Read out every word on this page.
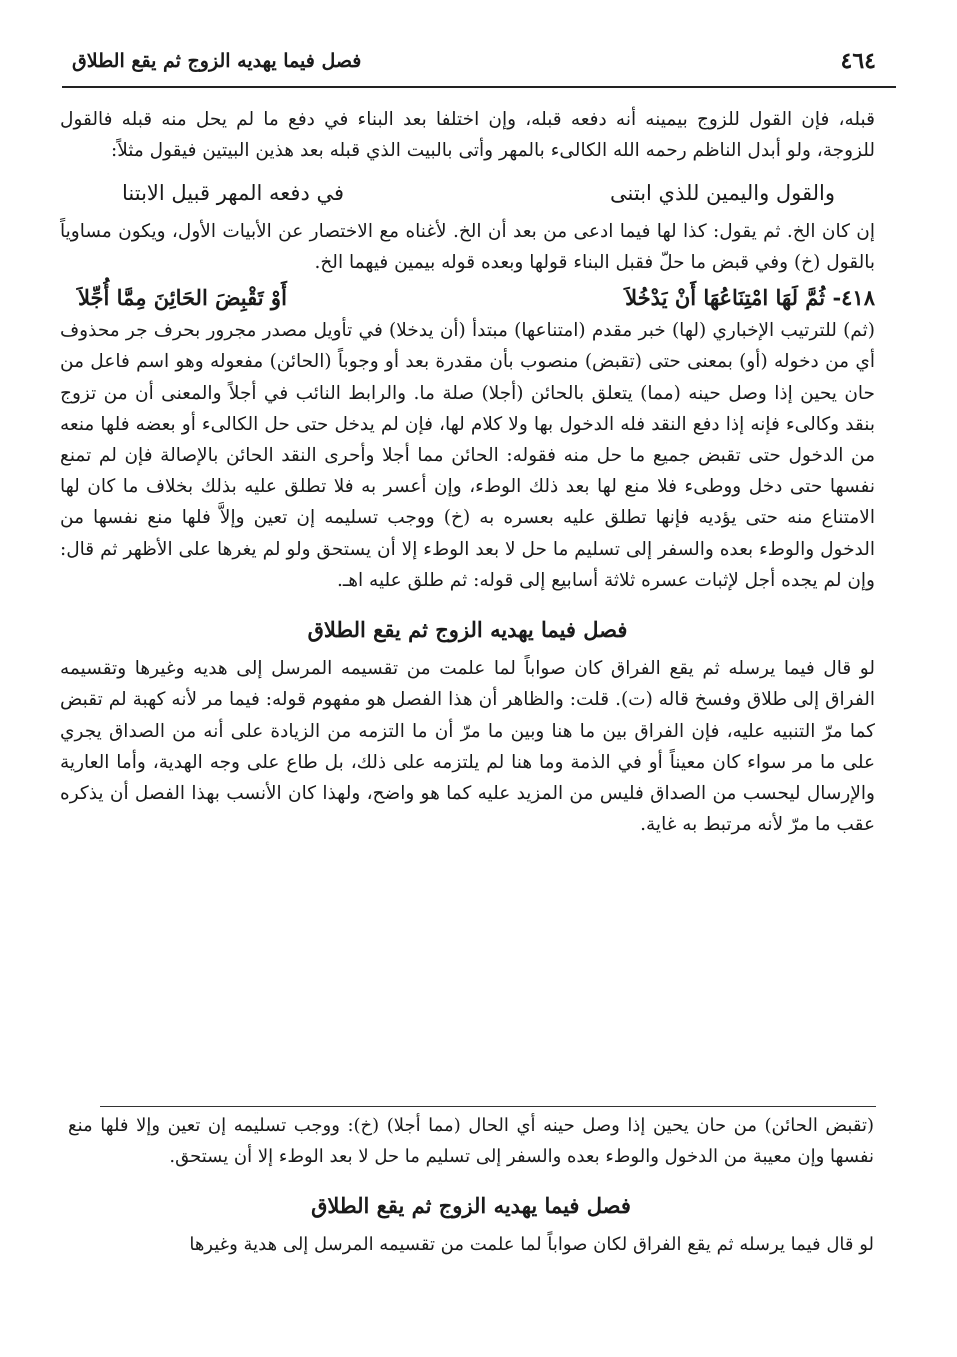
٤٦٤
فصل فيما يهديه الزوج ثم يقع الطلاق

قبله، فإن القول للزوج بيمينه أنه دفعه قبله، وإن اختلفا بعد البناء في دفع ما لم يحل منه قبله فالقول للزوجة، ولو أبدل الناظم رحمه الله الكالىء بالمهر وأتى بالبيت الذي قبله بعد هذين البيتين فيقول مثلاً:

والقول واليمين للذي ابتنى
في دفعه المهر قبيل الابتنا

إن كان الخ. ثم يقول: كذا لها فيما ادعى من بعد أن الخ. لأغناه مع الاختصار عن الأبيات الأول، ويكون مساوياً بالقول (خ) وفي قبض ما حلّ فقبل البناء قولها وبعده قوله بيمين فيهما الخ.

٤١٨- ثُمَّ لَهَا امْتِنَاعُهَا أَنْ يَدْخُلاَ
أَوْ تَقْبِضَ الحَائِنَ مِمَّا أُجِّلاَ

(ثم) للترتيب الإخباري (لها) خبر مقدم (امتناعها) مبتدأ (أن يدخلا) في تأويل مصدر مجرور بحرف جر محذوف أي من دخوله (أو) بمعنى حتى (تقبض) منصوب بأن مقدرة بعد أو وجوباً (الحائن) مفعوله وهو اسم فاعل من حان يحين إذا وصل حينه (مما) يتعلق بالحائن (أجلا) صلة ما. والرابط النائب في أجلاً والمعنى أن من تزوج بنقد وكالىء فإنه إذا دفع النقد فله الدخول بها ولا كلام لها، فإن لم يدخل حتى حل الكالىء أو بعضه فلها منعه من الدخول حتى تقبض جميع ما حل منه فقوله: الحائن مما أجلا وأحرى النقد الحائن بالإصالة فإن لم تمنع نفسها حتى دخل ووطىء فلا منع لها بعد ذلك الوطء، وإن أعسر به فلا تطلق عليه بذلك بخلاف ما كان لها الامتناع منه حتى يؤديه فإنها تطلق عليه بعسره به (خ) ووجب تسليمه إن تعين وإلاَّ فلها منع نفسها من الدخول والوطء بعده والسفر إلى تسليم ما حل لا بعد الوطء إلا أن يستحق ولو لم يغرها على الأظهر ثم قال: وإن لم يجده أجل لإثبات عسره ثلاثة أسابيع إلى قوله: ثم طلق عليه اهـ.

فصل فيما يهديه الزوج ثم يقع الطلاق

لو قال فيما يرسله ثم يقع الفراق كان صواباً لما علمت من تقسيمه المرسل إلى هديه وغيرها وتقسيمه الفراق إلى طلاق وفسخ قاله (ت). قلت: والظاهر أن هذا الفصل هو مفهوم قوله: فيما مر لأنه كهبة لم تقبض كما مرّ التنبيه عليه، فإن الفراق بين ما هنا وبين ما مرّ أن ما التزمه من الزيادة على أنه من الصداق يجري على ما مر سواء كان معيناً أو في الذمة وما هنا لم يلتزمه على ذلك، بل طاع على وجه الهدية، وأما العارية والإرسال ليحسب من الصداق فليس من المزيد عليه كما هو واضح، ولهذا كان الأنسب بهذا الفصل أن يذكره عقب ما مرّ لأنه مرتبط به غاية.

(تقبض الحائن) من حان يحين إذا وصل حينه أي الحال (مما أجلا) (خ): ووجب تسليمه إن تعين وإلا فلها منع نفسها وإن معيبة من الدخول والوطء بعده والسفر إلى تسليم ما حل لا بعد الوطء إلا أن يستحق.

فصل فيما يهديه الزوج ثم يقع الطلاق

لو قال فيما يرسله ثم يقع الفراق لكان صواباً لما علمت من تقسيمه المرسل إلى هدية وغيرها
